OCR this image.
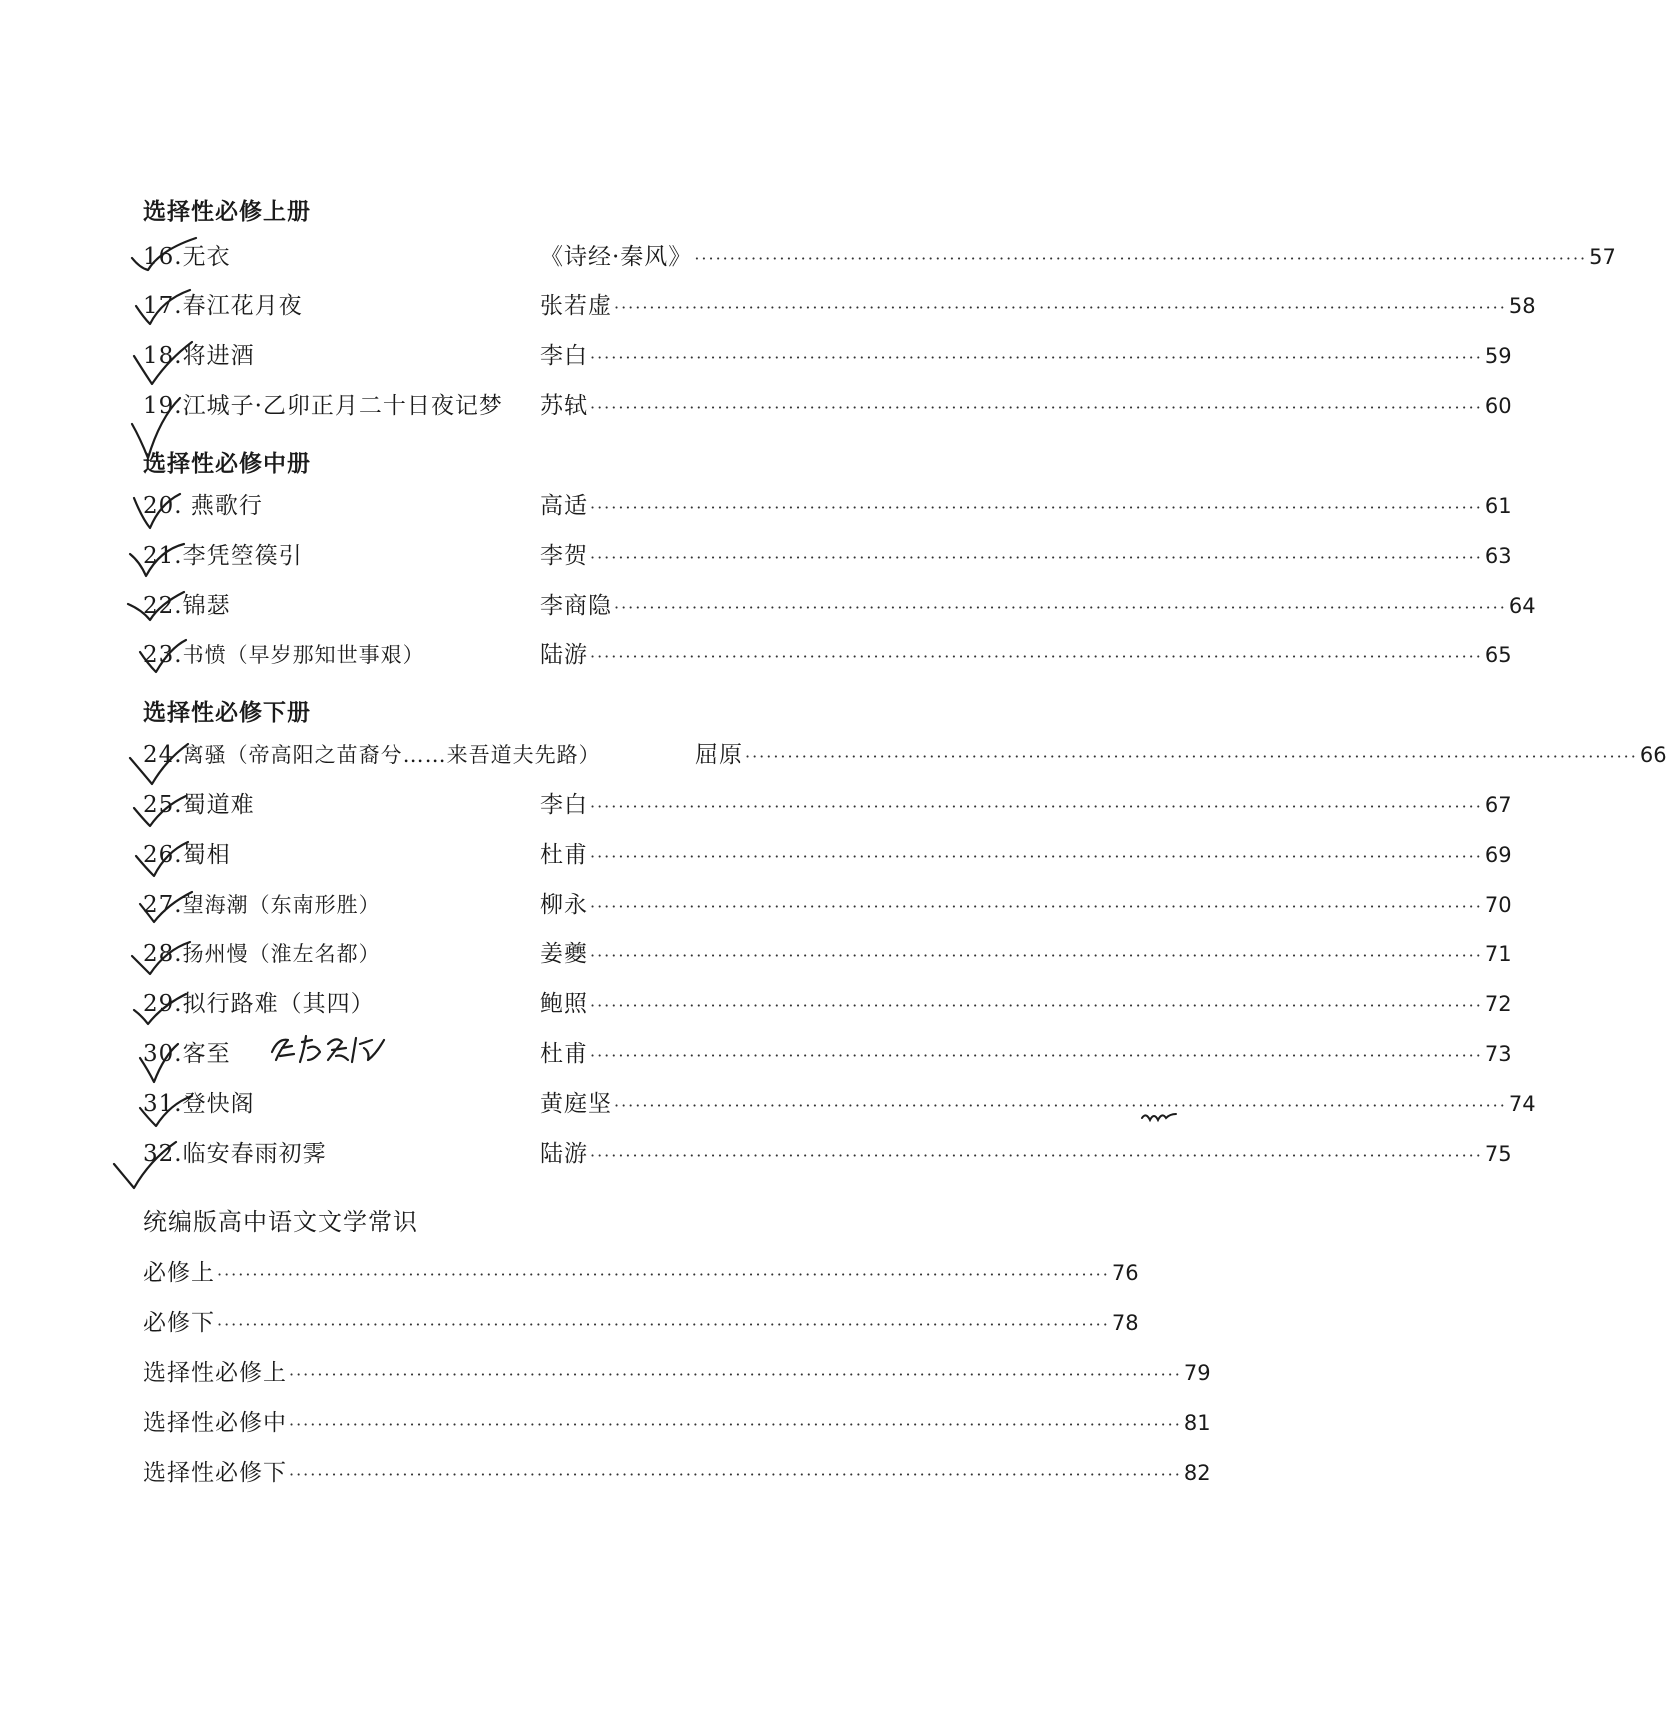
选择性必修上册
16.无衣	《诗经·秦风》 ······························································································································ 57
17.春江花月夜	张若虚 ······························································································································ 58
18.将进酒	李白 ······························································································································ 59
19.江城子·乙卯正月二十日夜记梦 苏轼 ······························································································································ 60
选择性必修中册
20. 燕歌行	高适 ······························································································································ 61
21.李凭箜篌引	李贺 ······························································································································ 63
22.锦瑟	李商隐 ······························································································································ 64
23.书愤（早岁那知世事艰）	陆游 ······························································································································ 65
选择性必修下册
24.离骚（帝高阳之苗裔兮……来吾道夫先路）	屈原 ······························································································································ 66
25.蜀道难	李白 ······························································································································ 67
26.蜀相	杜甫 ······························································································································ 69
27.望海潮（东南形胜）	柳永 ······························································································································ 70
28.扬州慢（淮左名都）	姜夔 ······························································································································ 71
29.拟行路难（其四）	鲍照 ······························································································································ 72
30.客至	杜甫 ······························································································································ 73
31.登快阁	黄庭坚 ······························································································································ 74
32.临安春雨初霁	陆游 ······························································································································ 75
统编版高中语文文学常识
必修上 ······························································································································ 76
必修下 ······························································································································ 78
选择性必修上 ······························································································································ 79
选择性必修中 ······························································································································ 81
选择性必修下 ······························································································································ 82
